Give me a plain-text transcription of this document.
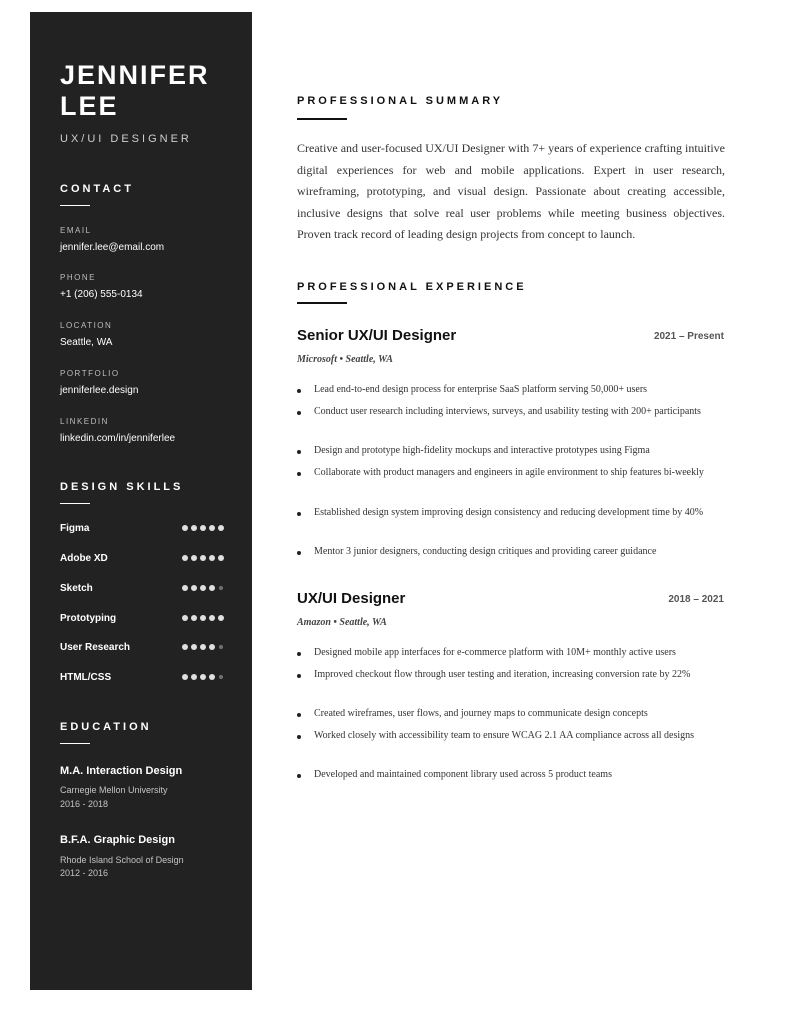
JENNIFER
LEE
UX/UI DESIGNER
CONTACT
EMAIL
jennifer.lee@email.com
PHONE
+1 (206) 555-0134
LOCATION
Seattle, WA
PORTFOLIO
jenniferlee.design
LINKEDIN
linkedin.com/in/jenniferlee
DESIGN SKILLS
Figma
Adobe XD
Sketch
Prototyping
User Research
HTML/CSS
EDUCATION
M.A. Interaction Design
Carnegie Mellon University
2016 - 2018
B.F.A. Graphic Design
Rhode Island School of Design
2012 - 2016
PROFESSIONAL SUMMARY
Creative and user-focused UX/UI Designer with 7+ years of experience crafting intuitive digital experiences for web and mobile applications. Expert in user research, wireframing, prototyping, and visual design. Passionate about creating accessible, inclusive designs that solve real user problems while meeting business objectives. Proven track record of leading design projects from concept to launch.
PROFESSIONAL EXPERIENCE
Senior UX/UI Designer	2021 – Present
Microsoft • Seattle, WA
Lead end-to-end design process for enterprise SaaS platform serving 50,000+ users
Conduct user research including interviews, surveys, and usability testing with 200+ participants
Design and prototype high-fidelity mockups and interactive prototypes using Figma
Collaborate with product managers and engineers in agile environment to ship features bi-weekly
Established design system improving design consistency and reducing development time by 40%
Mentor 3 junior designers, conducting design critiques and providing career guidance
UX/UI Designer	2018 – 2021
Amazon • Seattle, WA
Designed mobile app interfaces for e-commerce platform with 10M+ monthly active users
Improved checkout flow through user testing and iteration, increasing conversion rate by 22%
Created wireframes, user flows, and journey maps to communicate design concepts
Worked closely with accessibility team to ensure WCAG 2.1 AA compliance across all designs
Developed and maintained component library used across 5 product teams
